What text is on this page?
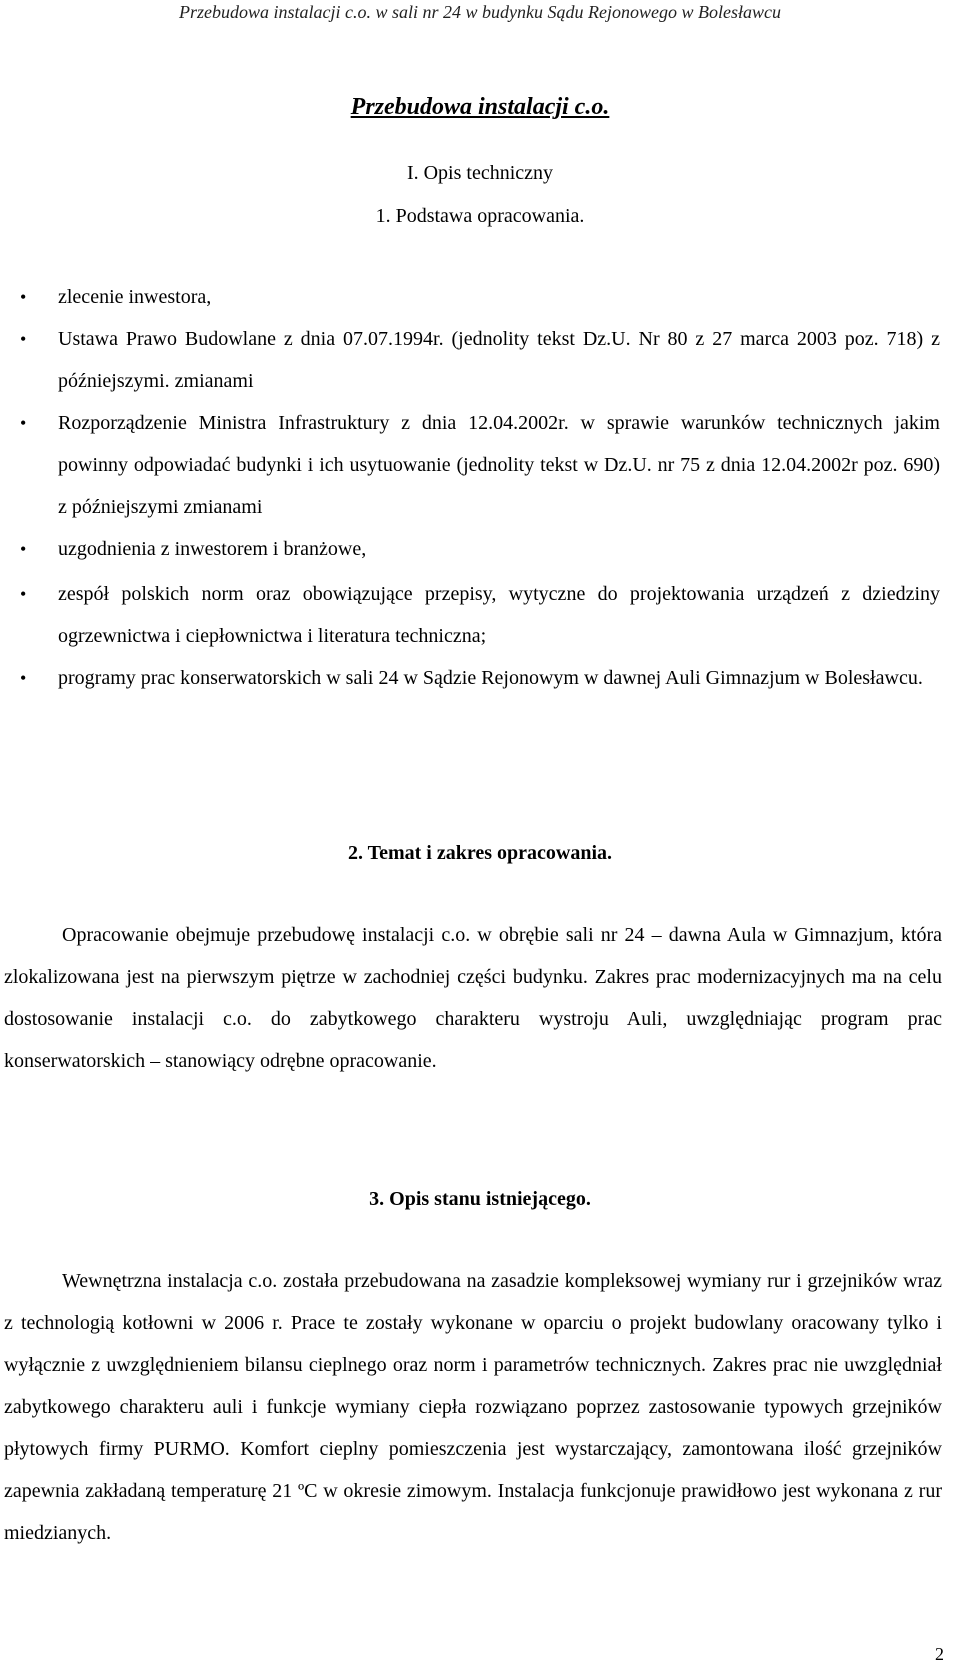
Przebudowa instalacji c.o. w sali nr 24 w budynku Sądu Rejonowego w Bolesławcu
Przebudowa instalacji c.o.
I. Opis techniczny
1. Podstawa opracowania.
• zlecenie inwestora,
• Ustawa Prawo Budowlane z dnia 07.07.1994r. (jednolity tekst Dz.U. Nr 80 z 27 marca 2003 poz. 718) z późniejszymi. zmianami
• Rozporządzenie Ministra Infrastruktury z dnia 12.04.2002r. w sprawie warunków technicznych jakim powinny odpowiadać budynki i ich usytuowanie (jednolity tekst w Dz.U. nr 75 z dnia 12.04.2002r poz. 690) z późniejszymi zmianami
• uzgodnienia z inwestorem i branżowe,
• zespół polskich norm oraz obowiązujące przepisy, wytyczne do projektowania urządzeń z dziedziny ogrzewnictwa i ciepłownictwa i literatura techniczna;
• programy prac konserwatorskich w sali 24 w Sądzie Rejonowym w dawnej Auli Gimnazjum w Bolesławcu.
2. Temat i zakres opracowania.

Opracowanie obejmuje przebudowę instalacji c.o. w obrębie sali nr 24 – dawna Aula w Gimnazjum, która zlokalizowana jest na pierwszym piętrze w zachodniej części budynku. Zakres prac modernizacyjnych ma na celu dostosowanie instalacji c.o. do zabytkowego charakteru wystroju Auli, uwzględniając program prac konserwatorskich – stanowiący odrębne opracowanie.

3. Opis stanu istniejącego.

Wewnętrzna instalacja c.o. została przebudowana na zasadzie kompleksowej wymiany rur i grzejników wraz z technologią kotłowni w 2006 r. Prace te zostały wykonane w oparciu o projekt budowlany oracowany tylko i wyłącznie z uwzględnieniem bilansu cieplnego oraz norm i parametrów technicznych. Zakres prac nie uwzględniał zabytkowego charakteru auli i funkcje wymiany ciepła rozwiązano poprzez zastosowanie typowych grzejników płytowych firmy PURMO. Komfort cieplny pomieszczenia jest wystarczający, zamontowana ilość grzejników zapewnia zakładaną temperaturę 21 ºC w okresie zimowym. Instalacja funkcjonuje prawidłowo jest wykonana z rur miedzianych.

2
